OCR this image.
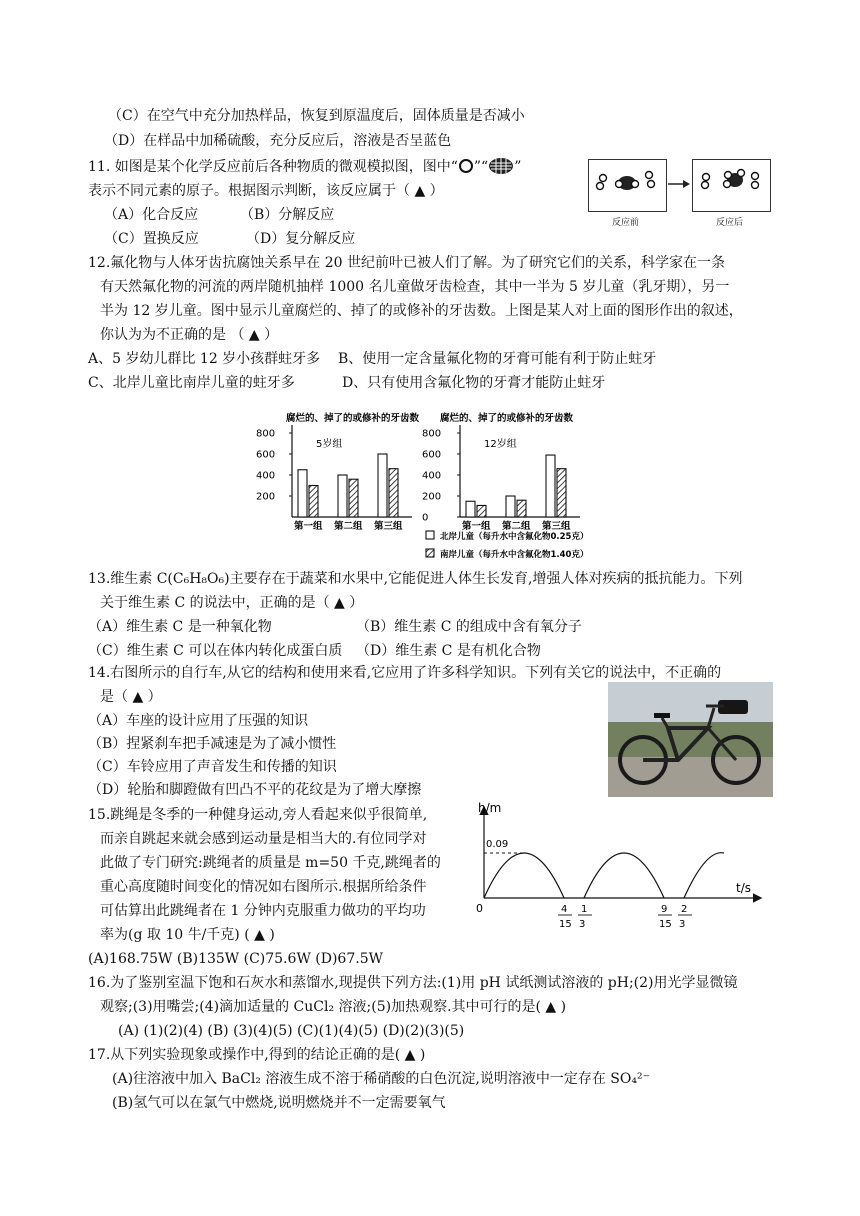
（C）在空气中充分加热样品，恢复到原温度后，固体质量是否减小
（D）在样品中加稀硫酸，充分反应后，溶液是否呈蓝色
11. 如图是某个化学反应前后各种物质的微观模拟图，图中“ ”“ ”
表示不同元素的原子。根据图示判断，该反应属于（ ▲ ）
（A）化合反应	（B）分解反应
（C）置换反应	（D）复分解反应
反应前	反应后
12.氟化物与人体牙齿抗腐蚀关系早在 20 世纪前叶已被人们了解。为了研究它们的关系，科学家在一条
有天然氟化物的河流的两岸随机抽样 1000 名儿童做牙齿检查，其中一半为 5 岁儿童（乳牙期），另一
半为 12 岁儿童。图中显示儿童腐烂的、掉了的或修补的牙齿数。上图是某人对上面的图形作出的叙述，
你认为为不正确的是 （ ▲ ）
A、5 岁幼儿群比 12 岁小孩群蛀牙多 B、使用一定含量氟化物的牙膏可能有利于防止蛀牙
C、北岸儿童比南岸儿童的蛀牙多	D、只有使用含氟化物的牙膏才能防止蛀牙
腐烂的、掉了的或修补的牙齿数
800
600
400
200
5岁组
第一组 第二组 第三组
腐烂的、掉了的或修补的牙齿数
800
600
400
200
0
12岁组
第一组 第二组 第三组
北岸儿童（每升水中含氟化物0.25克）
南岸儿童（每升水中含氟化物1.40克）
13.维生素 C(C₆H₈O₆)主要存在于蔬菜和水果中,它能促进人体生长发育,增强人体对疾病的抵抗能力。下列
关于维生素 C 的说法中，正确的是（ ▲ ）
（A）维生素 C 是一种氧化物	（B）维生素 C 的组成中含有氧分子
（C）维生素 C 可以在体内转化成蛋白质 （D）维生素 C 是有机化合物
14.右图所示的自行车,从它的结构和使用来看,它应用了许多科学知识。下列有关它的说法中，不正确的
是（ ▲ ）
（A）车座的设计应用了压强的知识
（B）捏紧刹车把手减速是为了减小惯性
（C）车铃应用了声音发生和传播的知识
（D）轮胎和脚蹬做有凹凸不平的花纹是为了增大摩擦
15.跳绳是冬季的一种健身运动,旁人看起来似乎很简单,
而亲自跳起来就会感到运动量是相当大的.有位同学对
此做了专门研究:跳绳者的质量是 m=50 千克,跳绳者的
重心高度随时间变化的情况如右图所示.根据所给条件
可估算出此跳绳者在 1 分钟内克服重力做功的平均功
率为(g 取 10 牛/千克) ( ▲ )
(A)168.75W (B)135W (C)75.6W (D)67.5W
h/m
t/s
0
0.09
4
15
1
3
9
15
2
3
16.为了鉴别室温下饱和石灰水和蒸馏水,现提供下列方法:(1)用 pH 试纸测试溶液的 pH;(2)用光学显微镜
观察;(3)用嘴尝;(4)滴加适量的 CuCl₂ 溶液;(5)加热观察.其中可行的是( ▲ )
(A) (1)(2)(4) (B) (3)(4)(5) (C)(1)(4)(5) (D)(2)(3)(5)
17.从下列实验现象或操作中,得到的结论正确的是( ▲ )
(A)往溶液中加入 BaCl₂ 溶液生成不溶于稀硝酸的白色沉淀,说明溶液中一定存在 SO₄²⁻
(B)氢气可以在氯气中燃烧,说明燃烧并不一定需要氧气
